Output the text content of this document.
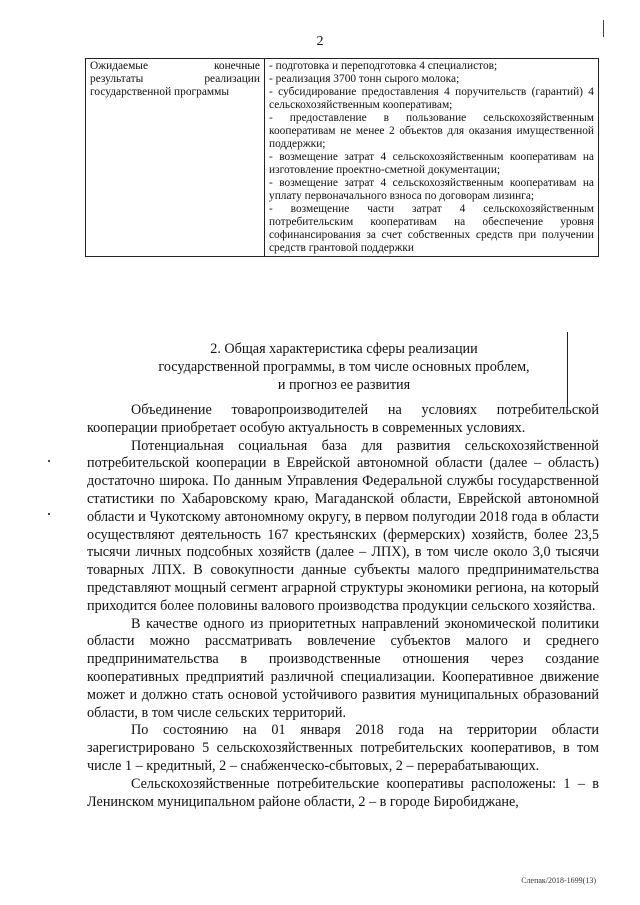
2
Ожидаемые конечные
результаты реализации
государственной программы

- подготовка и переподготовка 4 специалистов;
- реализация 3700 тонн сырого молока;
- субсидирование предоставления 4 поручительств (гарантий) 4 сельскохозяйственным кооперативам;
- предоставление в пользование сельскохозяйственным кооперативам не менее 2 объектов для оказания имущественной поддержки;
- возмещение затрат 4 сельскохозяйственным кооперативам на изготовление проектно-сметной документации;
- возмещение затрат 4 сельскохозяйственным кооперативам на уплату первоначального взноса по договорам лизинга;
- возмещение части затрат 4 сельскохозяйственным потребительским кооперативам на обеспечение уровня софинансирования за счет собственных средств при получении средств грантовой поддержки
2. Общая характеристика сферы реализации
государственной программы, в том числе основных проблем,
и прогноз ее развития

Объединение товаропроизводителей на условиях потребительской кооперации приобретает особую актуальность в современных условиях.

Потенциальная социальная база для развития сельскохозяйственной потребительской кооперации в Еврейской автономной области (далее – область) достаточно широка. По данным Управления Федеральной службы государственной статистики по Хабаровскому краю, Магаданской области, Еврейской автономной области и Чукотскому автономному округу, в первом полугодии 2018 года в области осуществляют деятельность 167 крестьянских (фермерских) хозяйств, более 23,5 тысячи личных подсобных хозяйств (далее – ЛПХ), в том числе около 3,0 тысячи товарных ЛПХ. В совокупности данные субъекты малого предпринимательства представляют мощный сегмент аграрной структуры экономики региона, на который приходится более половины валового производства продукции сельского хозяйства.

В качестве одного из приоритетных направлений экономической политики области можно рассматривать вовлечение субъектов малого и среднего предпринимательства в производственные отношения через создание кооперативных предприятий различной специализации. Кооперативное движение может и должно стать основой устойчивого развития муниципальных образований области, в том числе сельских территорий.

По состоянию на 01 января 2018 года на территории области зарегистрировано 5 сельскохозяйственных потребительских кооперативов, в том числе 1 – кредитный, 2 – снабженческо-сбытовых, 2 – перерабатывающих.

Сельскохозяйственные потребительские кооперативы расположены: 1 – в Ленинском муниципальном районе области, 2 – в городе Биробиджане,

Слепак/2018-1699(13)
